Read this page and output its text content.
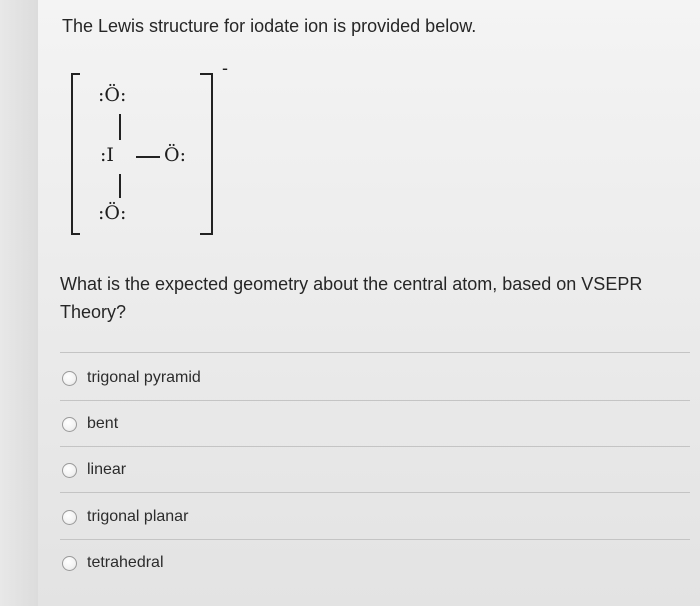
The Lewis structure for iodate ion is provided below.
:Ö:
:I	Ö:
:Ö:
-
What is the expected geometry about the central atom, based on VSEPR Theory?
trigonal pyramid
bent
linear
trigonal planar
tetrahedral
